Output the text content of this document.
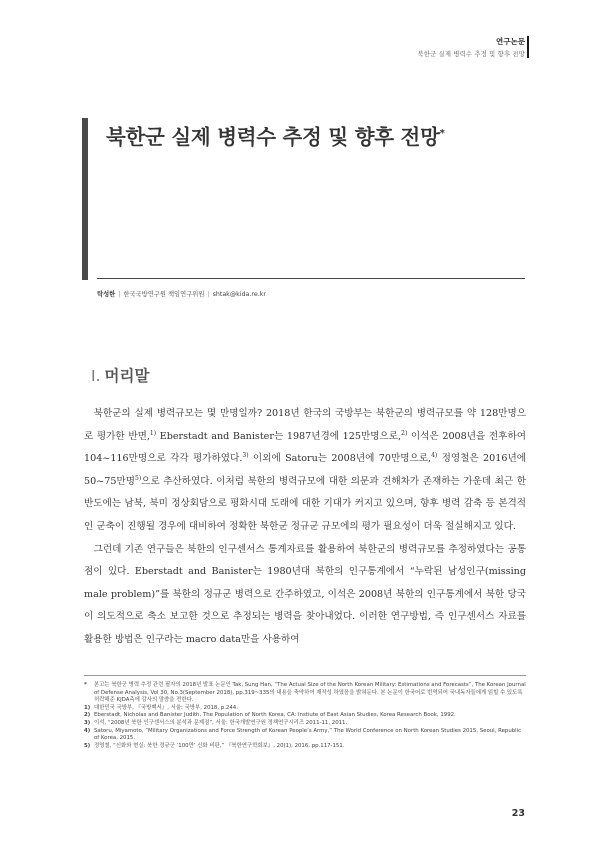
연구논문
북한군 실제 병력수 추정 및 향후 전망
북한군 실제 병력수 추정 및 향후 전망*
탁성한 | 한국국방연구원 책임연구위원 | shtak@kida.re.kr
Ⅰ. 머리말

북한군의 실제 병력규모는 몇 만명일까? 2018년 한국의 국방부는 북한군의 병력규모를 약 128만명으로 평가한 반면,$^{1)}$ Eberstadt and Banister는 1987년경에 125만명으로,$^{2)}$ 이석은 2008년을 전후하여 104~116만명으로 각각 평가하였다.$^{3)}$ 이외에 Satoru는 2008년에 70만명으로,$^{4)}$ 정영철은 2016년에 50~75만명$^{5)}$으로 추산하였다. 이처럼 북한의 병력규모에 대한 의문과 견해차가 존재하는 가운데 최근 한반도에는 남북, 북미 정상회담으로 평화시대 도래에 대한 기대가 커지고 있으며, 향후 병력 감축 등 본격적인 군축이 진행될 경우에 대비하여 정확한 북한군 정규군 규모에의 평가 필요성이 더욱 절실해지고 있다.

그런데 기존 연구들은 북한의 인구센서스 통계자료를 활용하여 북한군의 병력규모를 추정하였다는 공통점이 있다. Eberstadt and Banister는 1980년대 북한의 인구통계에서 “누락된 남성인구(missing male problem)”를 북한의 정규군 병력으로 간주하였고, 이석은 2008년 북한의 인구통계에서 북한 당국이 의도적으로 축소 보고한 것으로 추정되는 병력을 찾아내었다. 이러한 연구방법, 즉 인구센서스 자료를 활용한 방법은 인구라는 macro data만을 사용하여

*	본고는 북한군 병력 추정 관련 필자의 2018년 발표 논문인 Tak, Sung Han, “The Actual Size of the North Korean Military: Estimations and Forecasts”, The Korean Journal of Defense Analysis, Vol 30, No.3(September 2018), pp.319~335의 내용을 축약하여 재작성 하였음을 밝혀둔다. 본 논문이 한국어로 번역되어 국내독자들에게 읽힐 수 있도록 허락해준 KJDA측에 감사의 말씀을 전한다.
1) 대한민국 국방부, 『국방백서』, 서울: 국방부, 2018, p.244.
2) Eberstadt, Nicholas and Banister Judith, The Population of North Korea, CA: Instiute of East Asian Studies, Korea Research Book, 1992.
3) 이석, “2008년 북한 인구센서스의 분석과 문제점”, 서울: 한국개발연구원 정책연구시리즈 2011-11, 2011.
4) Satoru, Miyamoto, “Military Organizations and Force Strength of Korean People’s Army,” The World Conference on North Korean Studies 2015, Seoul, Republic of Korea, 2015.
5) 정영철, “신화와 현실: 북한 정규군 ‘100만’ 신화 비판,” 『북한연구학회보』, 20(1), 2016, pp.117-151.
23
